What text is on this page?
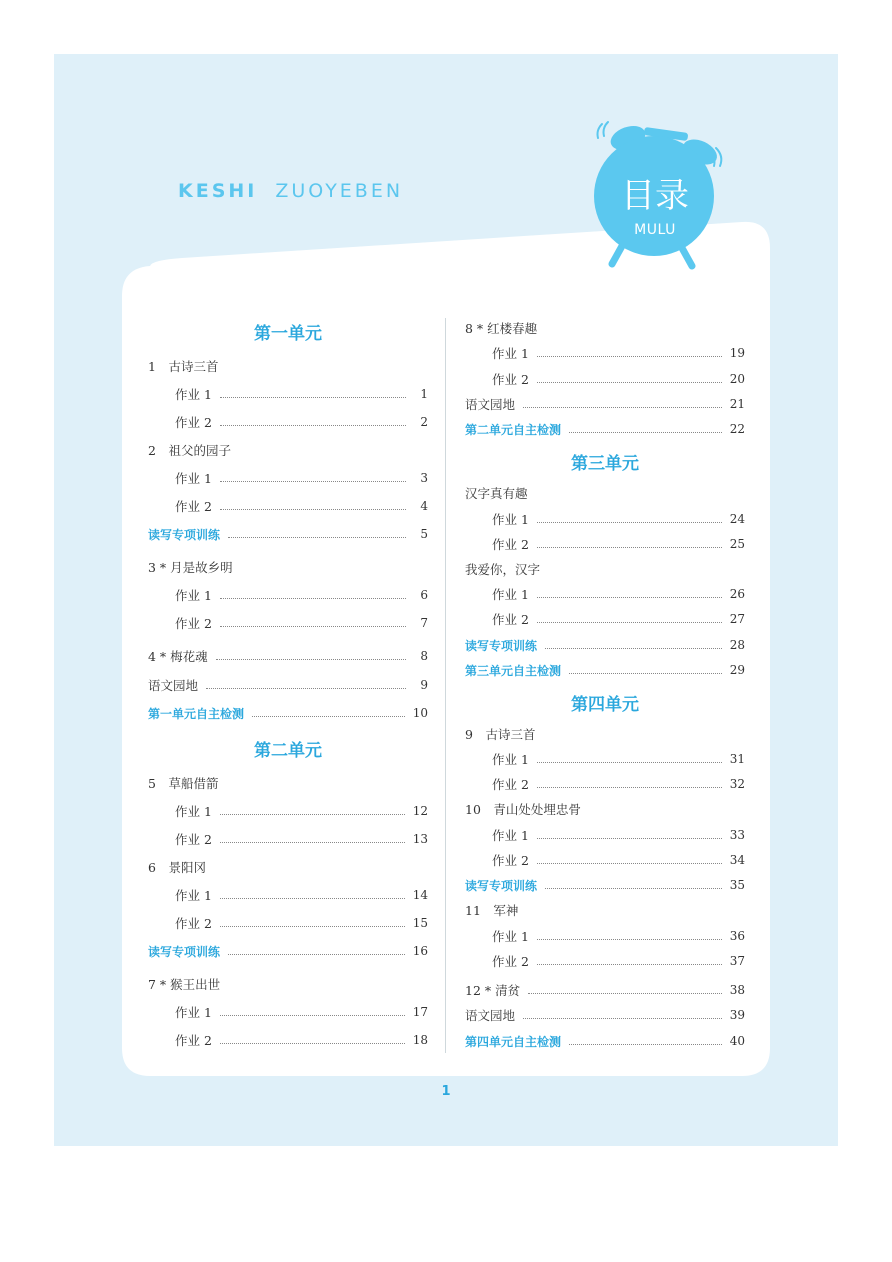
KESHI ZUOYEBEN	目录
MULU
第一单元
1　古诗三首
作业 1	1
作业 2	2
2　祖父的园子
作业 1	3
作业 2	4
读写专项训练	5
3 * 月是故乡明
作业 1	6
作业 2	7
4 * 梅花魂	8
语文园地	9
第一单元自主检测	10
第二单元
5　草船借箭
作业 1	12
作业 2	13
6　景阳冈
作业 1	14
作业 2	15
读写专项训练	16
7 * 猴王出世
作业 1	17
作业 2	18
8 * 红楼春趣
作业 1	19
作业 2	20
语文园地	21
第二单元自主检测	22
第三单元
汉字真有趣
作业 1	24
作业 2	25
我爱你，汉字
作业 1	26
作业 2	27
读写专项训练	28
第三单元自主检测	29
第四单元
9　古诗三首
作业 1	31
作业 2	32
10　青山处处埋忠骨
作业 1	33
作业 2	34
读写专项训练	35
11　军神
作业 1	36
作业 2	37
12 * 清贫	38
语文园地	39
第四单元自主检测	40
1
